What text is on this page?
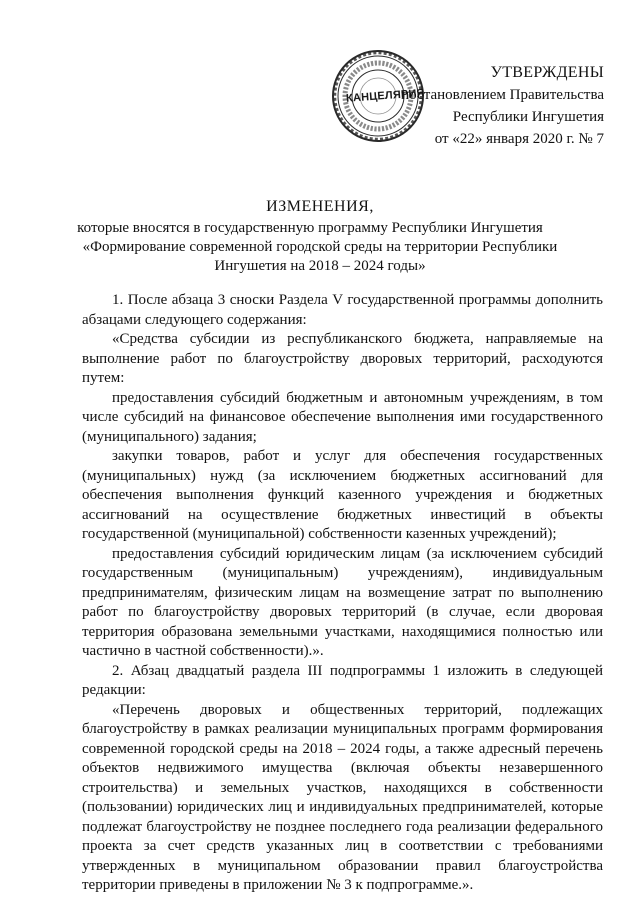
КАНЦЕЛЯРИЯ
УТВЕРЖДЕНЫ
постановлением Правительства
Республики Ингушетия
от «22» января 2020 г. № 7
ИЗМЕНЕНИЯ,
которые вносятся в государственную программу Республики Ингушетия
«Формирование современной городской среды на территории Республики
Ингушетия на 2018 – 2024 годы»

1. После абзаца 3 сноски Раздела V государственной программы дополнить абзацами следующего содержания:

«Средства субсидии из республиканского бюджета, направляемые на выполнение работ по благоустройству дворовых территорий, расходуются путем:

предоставления субсидий бюджетным и автономным учреждениям, в том числе субсидий на финансовое обеспечение выполнения ими государственного (муниципального) задания;

закупки товаров, работ и услуг для обеспечения государственных (муниципальных) нужд (за исключением бюджетных ассигнований для обеспечения выполнения функций казенного учреждения и бюджетных ассигнований на осуществление бюджетных инвестиций в объекты государственной (муниципальной) собственности казенных учреждений);

предоставления субсидий юридическим лицам (за исключением субсидий государственным (муниципальным) учреждениям), индивидуальным предпринимателям, физическим лицам на возмещение затрат по выполнению работ по благоустройству дворовых территорий (в случае, если дворовая территория образована земельными участками, находящимися полностью или частично в частной собственности).».

2. Абзац двадцатый раздела III подпрограммы 1 изложить в следующей редакции:

«Перечень дворовых и общественных территорий, подлежащих благоустройству в рамках реализации муниципальных программ формирования современной городской среды на 2018 – 2024 годы, а также адресный перечень объектов недвижимого имущества (включая объекты незавершенного строительства) и земельных участков, находящихся в собственности (пользовании) юридических лиц и индивидуальных предпринимателей, которые подлежат благоустройству не позднее последнего года реализации федерального проекта за счет средств указанных лиц в соответствии с требованиями утвержденных в муниципальном образовании правил благоустройства территории приведены в приложении № 3 к подпрограмме.».
